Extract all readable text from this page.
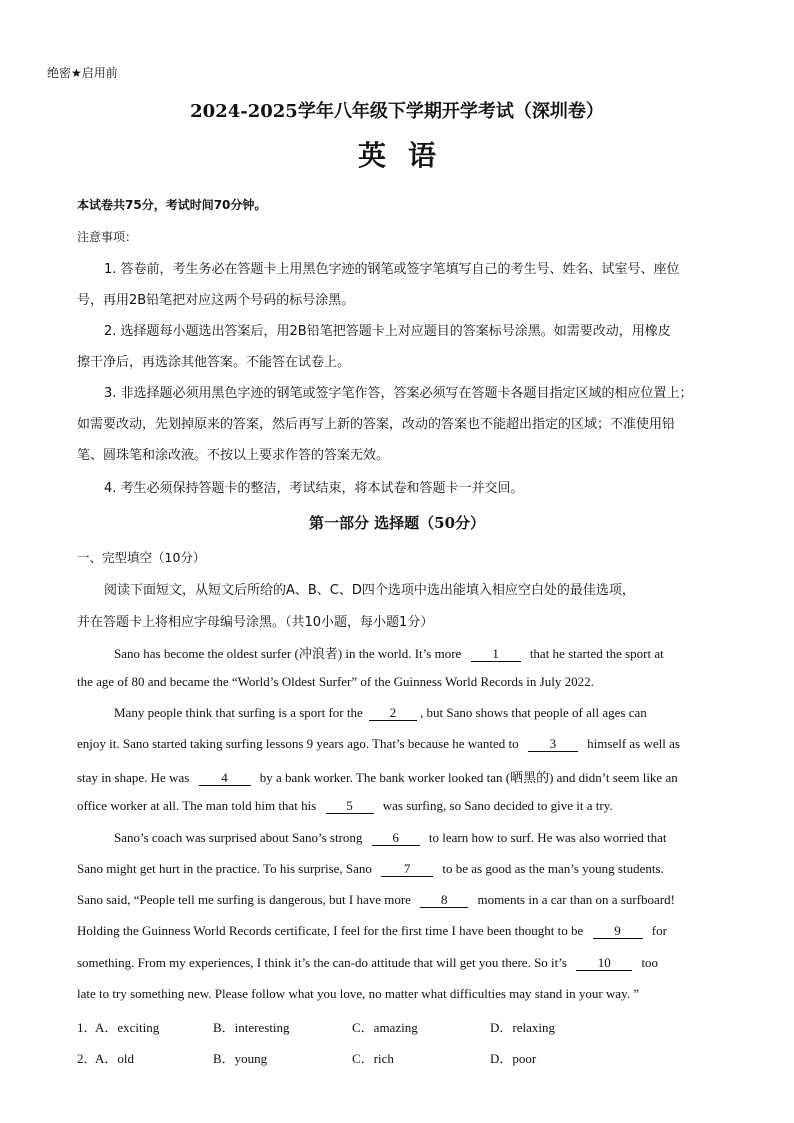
绝密★启用前
2024-2025学年八年级下学期开学考试（深圳卷）
英语
本试卷共75分，考试时间70分钟。
注意事项：
1. 答卷前，考生务必在答题卡上用黑色字迹的钢笔或签字笔填写自己的考生号、姓名、试室号、座位
号，再用2B铅笔把对应这两个号码的标号涂黑。
2. 选择题每小题选出答案后，用2B铅笔把答题卡上对应题目的答案标号涂黑。如需要改动，用橡皮
擦干净后，再选涂其他答案。不能答在试卷上。
3. 非选择题必须用黑色字迹的钢笔或签字笔作答，答案必须写在答题卡各题目指定区域的相应位置上；
如需要改动，先划掉原来的答案，然后再写上新的答案，改动的答案也不能超出指定的区域；不准使用铅
笔、圆珠笔和涂改液。不按以上要求作答的答案无效。
4. 考生必须保持答题卡的整洁，考试结束，将本试卷和答题卡一并交回。
第一部分 选择题（50分）
一、完型填空（10分）
阅读下面短文，从短文后所给的A、B、C、D四个选项中选出能填入相应空白处的最佳选项，
并在答题卡上将相应字母编号涂黑。（共10小题，每小题1分）
Sano has become the oldest surfer (冲浪者) in the world. It’s more 1 that he started the sport at
the age of 80 and became the “World’s Oldest Surfer” of the Guinness World Records in July 2022.
Many people think that surfing is a sport for the 2 , but Sano shows that people of all ages can
enjoy it. Sano started taking surfing lessons 9 years ago. That’s because he wanted to 3 himself as well as
stay in shape. He was 4 by a bank worker. The bank worker looked tan (晒黑的) and didn’t seem like an
office worker at all. The man told him that his 5 was surfing, so Sano decided to give it a try.
Sano’s coach was surprised about Sano’s strong 6 to learn how to surf. He was also worried that
Sano might get hurt in the practice. To his surprise, Sano 7 to be as good as the man’s young students.
Sano said, “People tell me surfing is dangerous, but I have more 8 moments in a car than on a surfboard!
Holding the Guinness World Records certificate, I feel for the first time I have been thought to be 9 for
something. From my experiences, I think it’s the can-do attitude that will get you there. So it’s 10 too
late to try something new. Please follow what you love, no matter what difficulties may stand in your way. ”
1．
A．exciting	B．interesting	C．amazing	D．relaxing
2．
A．old	B．young	C．rich	D．poor
